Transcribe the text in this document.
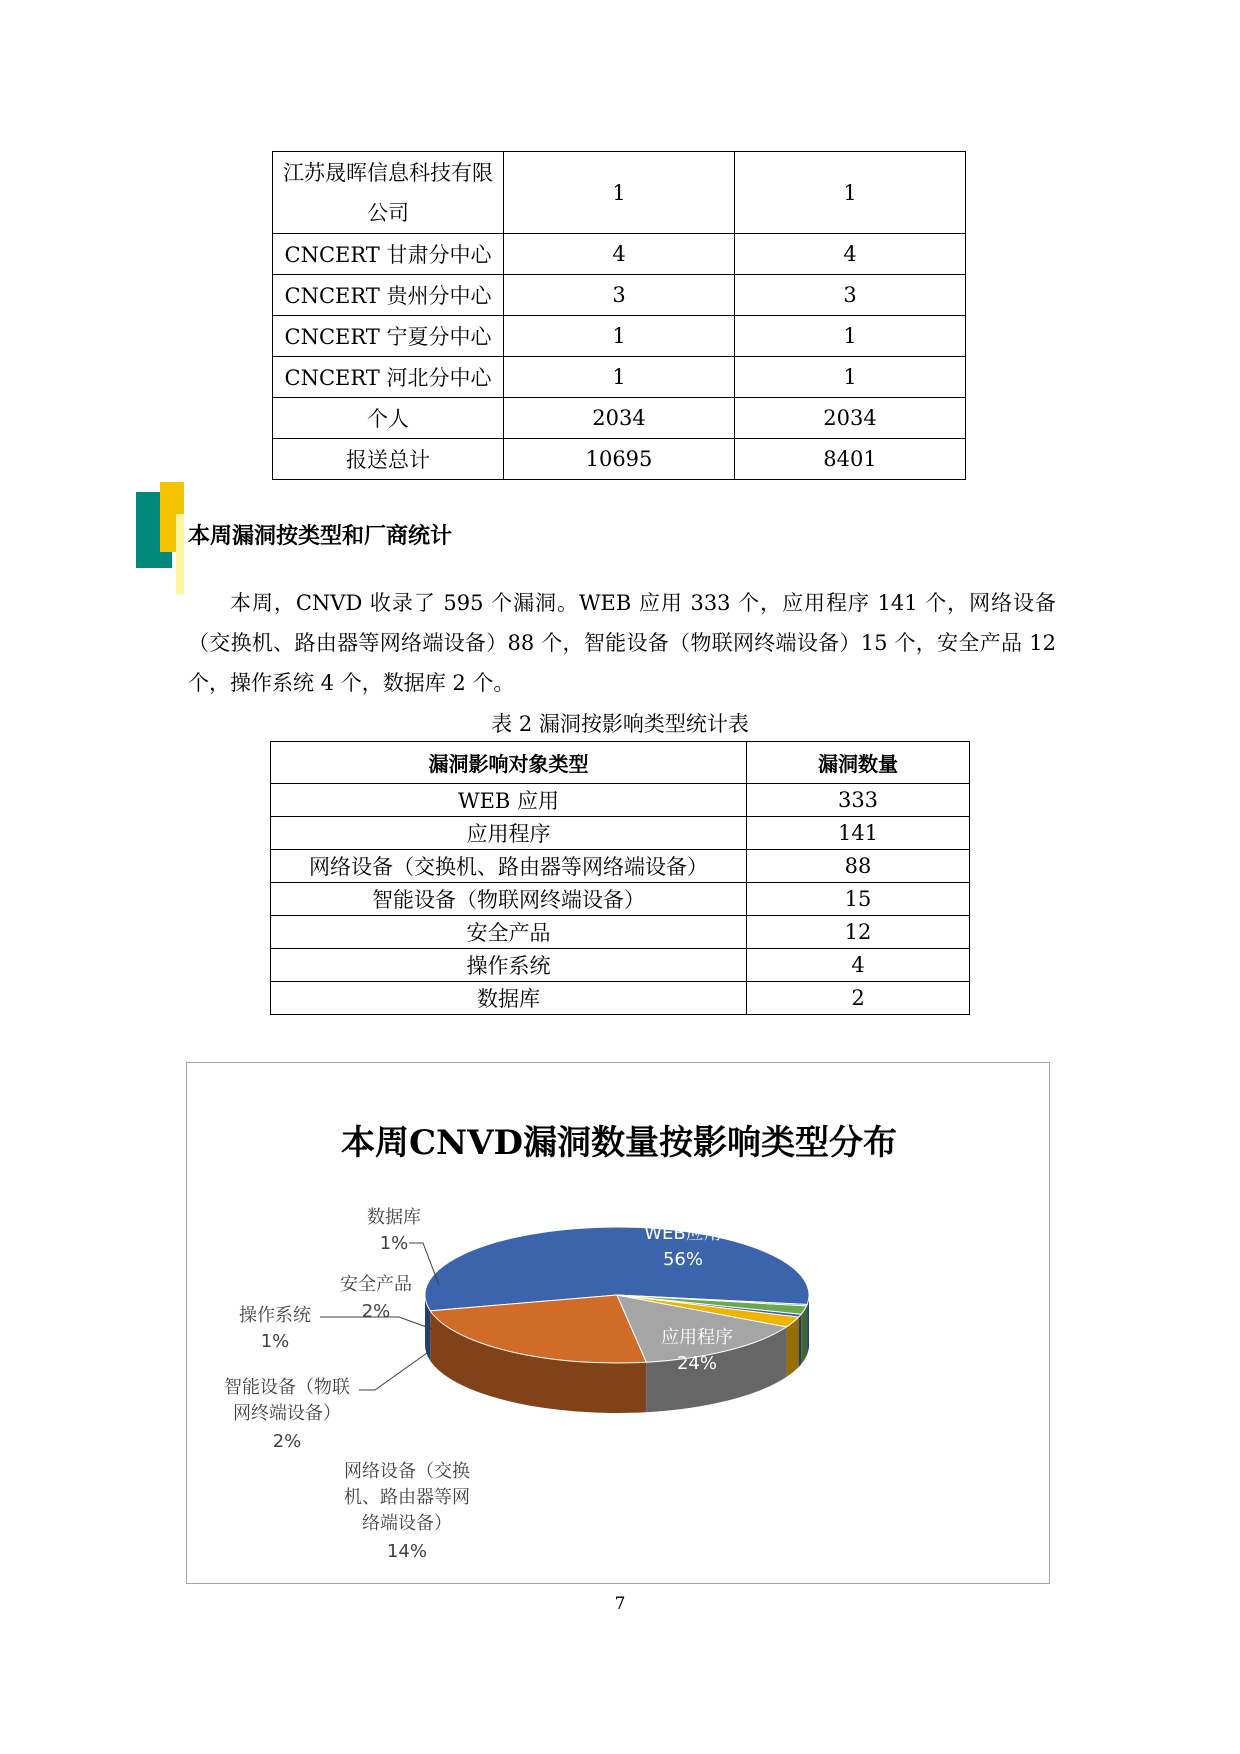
江苏晟晖信息科技有限公司	1	1
CNCERT 甘肃分中心	4	4
CNCERT 贵州分中心	3	3
CNCERT 宁夏分中心	1	1
CNCERT 河北分中心	1	1
个人	2034	2034
报送总计	10695	8401
本周漏洞按类型和厂商统计

本周，CNVD 收录了 595 个漏洞。WEB 应用 333 个，应用程序 141 个，网络设备（交换机、路由器等网络端设备）88 个，智能设备（物联网终端设备）15 个，安全产品 12 个，操作系统 4 个，数据库 2 个。

表 2 漏洞按影响类型统计表
漏洞影响对象类型	漏洞数量
WEB 应用	333
应用程序	141
网络设备（交换机、路由器等网络端设备）	88
智能设备（物联网终端设备）	15
安全产品	12
操作系统	4
数据库	2
本周CNVD漏洞数量按影响类型分布
WEB应用
56%
应用程序
24%
数据库
1%
安全产品
2%
操作系统
1%
智能设备（物联
网终端设备）
2%
网络设备（交换
机、路由器等网
络端设备）
14%
7
